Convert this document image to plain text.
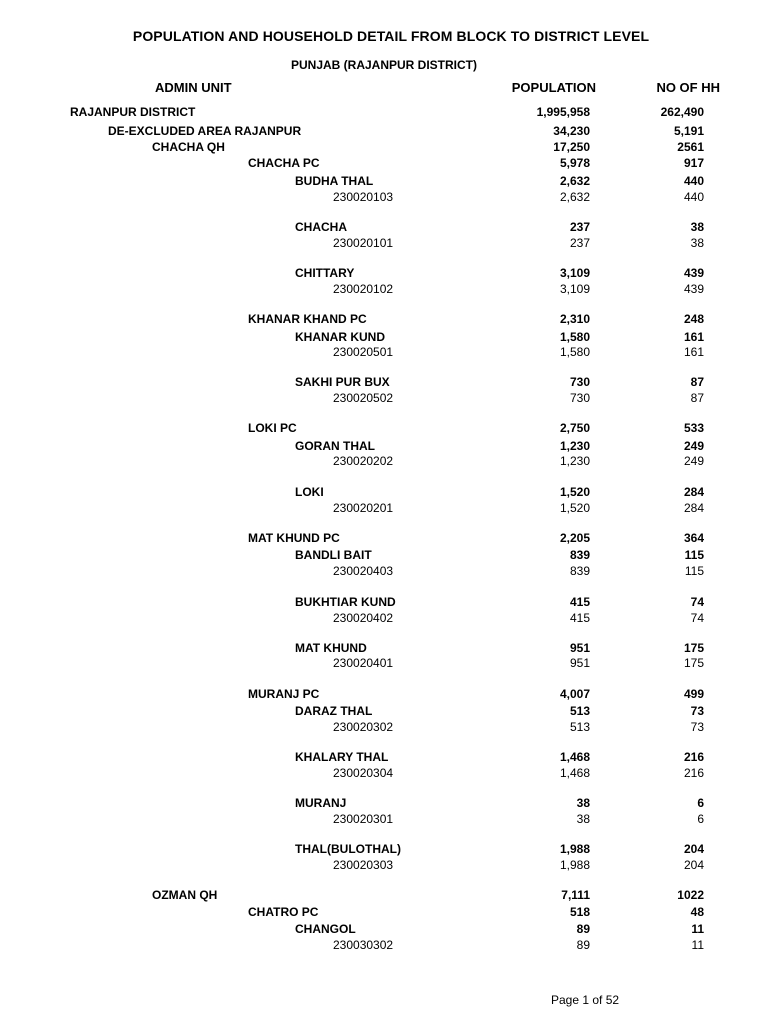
POPULATION AND HOUSEHOLD DETAIL FROM BLOCK TO DISTRICT LEVEL
PUNJAB (RAJANPUR DISTRICT)
ADMIN UNIT	POPULATION	NO OF HH
RAJANPUR DISTRICT	1,995,958	262,490
DE-EXCLUDED AREA RAJANPUR	34,230	5,191
CHACHA QH	17,250	2561
CHACHA PC	5,978	917
BUDHA THAL	2,632	440
230020103	2,632	440
CHACHA	237	38
230020101	237	38
CHITTARY	3,109	439
230020102	3,109	439
KHANAR KHAND PC	2,310	248
KHANAR KUND	1,580	161
230020501	1,580	161
SAKHI PUR BUX	730	87
230020502	730	87
LOKI PC	2,750	533
GORAN THAL	1,230	249
230020202	1,230	249
LOKI	1,520	284
230020201	1,520	284
MAT KHUND PC	2,205	364
BANDLI BAIT	839	115
230020403	839	115
BUKHTIAR KUND	415	74
230020402	415	74
MAT KHUND	951	175
230020401	951	175
MURANJ PC	4,007	499
DARAZ THAL	513	73
230020302	513	73
KHALARY THAL	1,468	216
230020304	1,468	216
MURANJ	38	6
230020301	38	6
THAL(BULOTHAL)	1,988	204
230020303	1,988	204
OZMAN QH	7,111	1022
CHATRO PC	518	48
CHANGOL	89	11
230030302	89	11
Page 1 of 52
